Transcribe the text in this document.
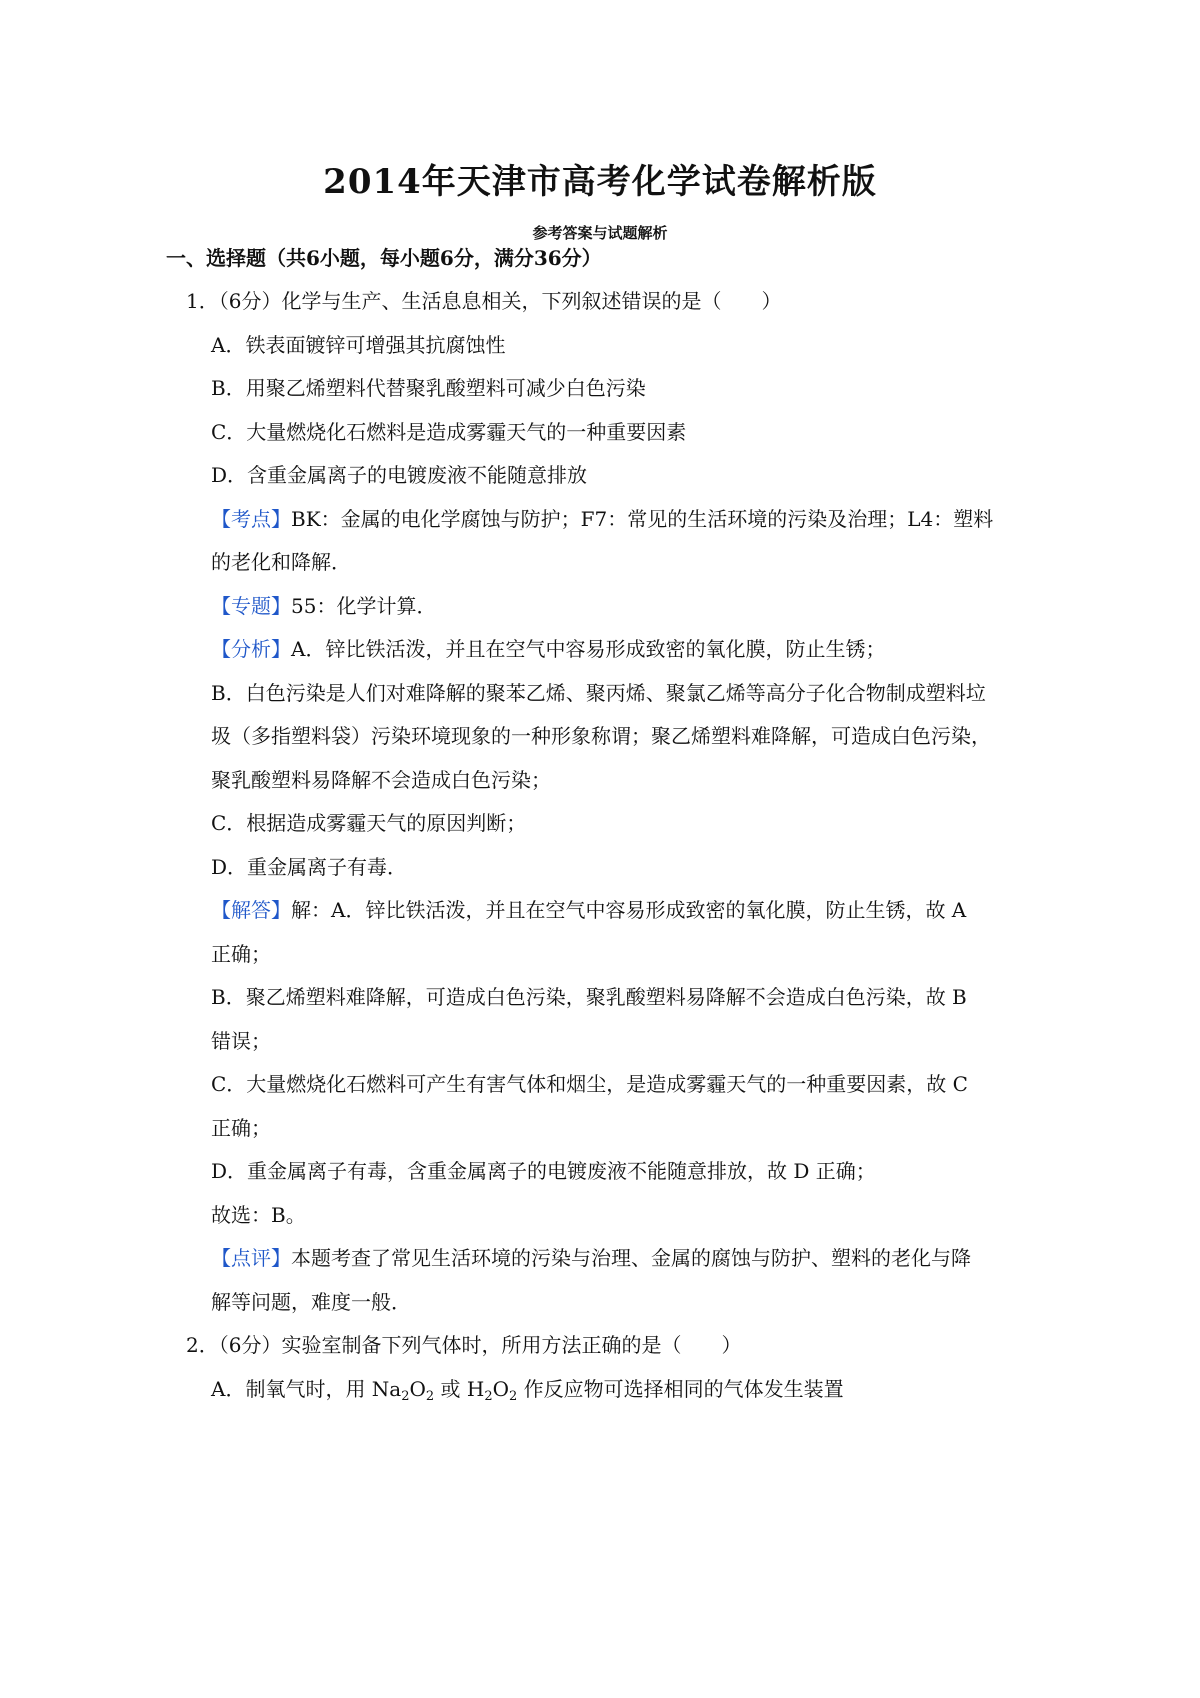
2014年天津市高考化学试卷解析版
参考答案与试题解析
一、选择题（共6小题，每小题6分，满分36分）
1．（6分）化学与生产、生活息息相关，下列叙述错误的是（　　）
A．铁表面镀锌可增强其抗腐蚀性
B．用聚乙烯塑料代替聚乳酸塑料可减少白色污染
C．大量燃烧化石燃料是造成雾霾天气的一种重要因素
D．含重金属离子的电镀废液不能随意排放
【考点】BK：金属的电化学腐蚀与防护；F7：常见的生活环境的污染及治理；L4：塑料
的老化和降解．
【专题】55：化学计算．
【分析】A．锌比铁活泼，并且在空气中容易形成致密的氧化膜，防止生锈；
B．白色污染是人们对难降解的聚苯乙烯、聚丙烯、聚氯乙烯等高分子化合物制成塑料垃
圾（多指塑料袋）污染环境现象的一种形象称谓；聚乙烯塑料难降解，可造成白色污染，
聚乳酸塑料易降解不会造成白色污染；
C．根据造成雾霾天气的原因判断；
D．重金属离子有毒．
【解答】解：A．锌比铁活泼，并且在空气中容易形成致密的氧化膜，防止生锈，故 A
正确；
B．聚乙烯塑料难降解，可造成白色污染，聚乳酸塑料易降解不会造成白色污染，故 B
错误；
C．大量燃烧化石燃料可产生有害气体和烟尘，是造成雾霾天气的一种重要因素，故 C
正确；
D．重金属离子有毒，含重金属离子的电镀废液不能随意排放，故 D 正确；
故选：B。
【点评】本题考查了常见生活环境的污染与治理、金属的腐蚀与防护、塑料的老化与降
解等问题，难度一般．
2．（6分）实验室制备下列气体时，所用方法正确的是（　　）
A．制氧气时，用 $Na_2O_2$ 或 $H_2O_2$ 作反应物可选择相同的气体发生装置
